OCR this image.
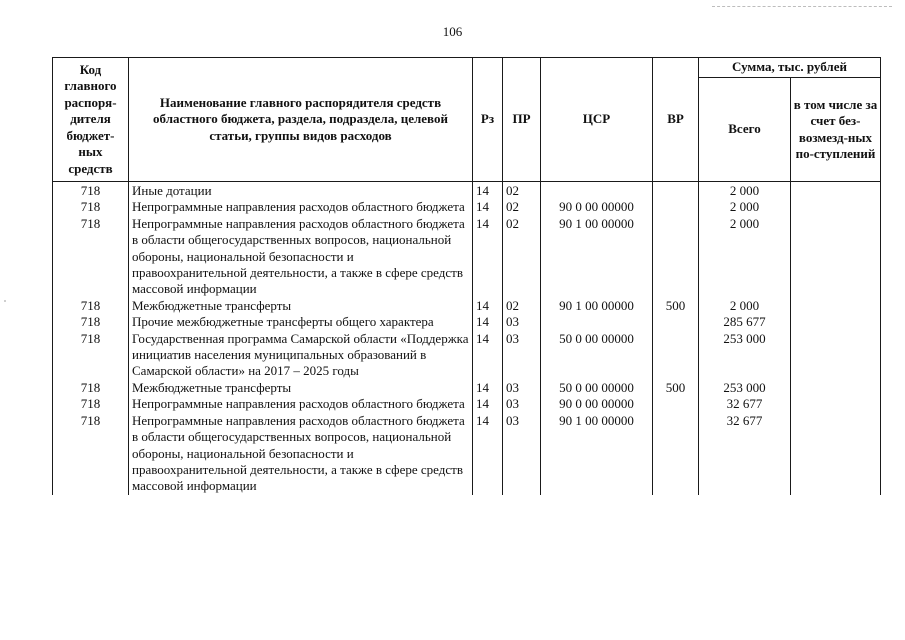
106
Код главного распоря-дителя бюджет-ных средств	Наименование главного распорядителя средств областного бюджета, раздела, подраздела, целевой статьи, группы видов расходов	Рз	ПР	ЦСР	ВР	Сумма, тыс. рублей	
						Всего	в том числе за счет без-возмезд-ных по-ступлений
718	Иные дотации	14	02			2 000	
718	Непрограммные направления расходов областного бюджета	14	02	90 0 00 00000		2 000	
718	Непрограммные направления расходов областного бюджета в области общегосударственных вопросов, национальной обороны, национальной безопасности и правоохранительной деятельности, а также в сфере средств массовой информации	14	02	90 1 00 00000		2 000	
718	Межбюджетные трансферты	14	02	90 1 00 00000	500	2 000	
718	Прочие межбюджетные трансферты общего характера	14	03			285 677	
718	Государственная программа Самарской области «Поддержка инициатив населения муниципальных образований в Самарской области» на 2017 – 2025 годы	14	03	50 0 00 00000		253 000	
718	Межбюджетные трансферты	14	03	50 0 00 00000	500	253 000	
718	Непрограммные направления расходов областного бюджета	14	03	90 0 00 00000		32 677	
718	Непрограммные направления расходов областного бюджета в области общегосударственных вопросов, национальной обороны, национальной безопасности и правоохранительной деятельности, а также в сфере средств массовой информации	14	03	90 1 00 00000		32 677	
